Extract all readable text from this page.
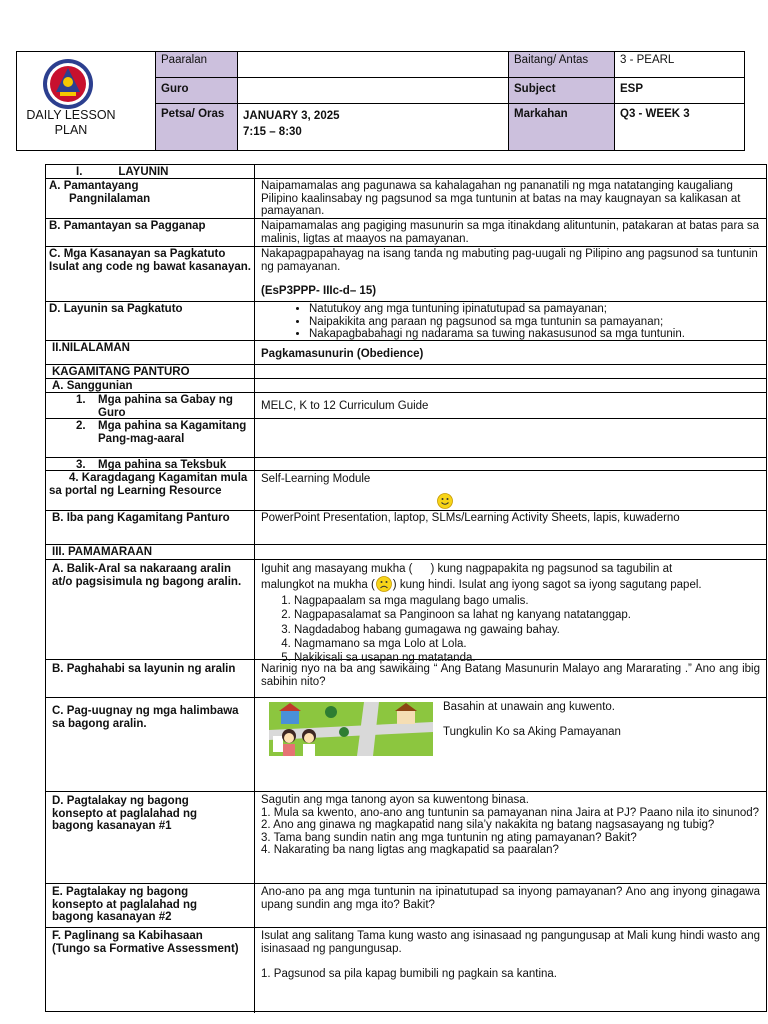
DAILY LESSON PLAN
Paaralan	Baitang/ Antas	3 - PEARL
Guro	Subject	ESP
Petsa/ Oras	JANUARY 3, 2025
7:15 – 8:30
Markahan	Q3 - WEEK 3
I.	LAYUNIN
A. Pamantayang
Pangnilalaman

Naipamamalas ang pagunawa sa kahalagahan ng pananatili ng mga natatanging kaugaliang Pilipino kaalinsabay ng pagsunod sa mga tuntunin at batas na may kaugnayan sa kalikasan at pamayanan.

B. Pamantayan sa Pagganap	Naipamamalas ang pagiging masunurin sa mga itinakdang alituntunin, patakaran at batas para sa malinis, ligtas at maayos na pamayanan.

C. Mga Kasanayan sa Pagkatuto Isulat ang code ng bawat kasanayan.

Nakapagpapahayag na isang tanda ng mabuting pag-uugali ng Pilipino ang pagsunod sa tuntunin ng pamayanan.

(EsP3PPP- IIIc-d– 15)

D. Layunin sa Pagkatuto
•	Natutukoy ang mga tuntuning ipinatutupad sa pamayanan;
• Naipakikita ang paraan ng pagsunod sa mga tuntunin sa pamayanan;
• Nakapagbabahagi ng nadarama sa tuwing nakasusunod sa mga tuntunin.
II.NILALAMAN	Pagkamasunurin (Obedience)

KAGAMITANG PANTURO
A. Sanggunian
1.	Mga pahina sa Gabay ng Guro

MELC, K to 12 Curriculum Guide

2.	Mga pahina sa Kagamitang Pang-mag-aaral
3.	Mga pahina sa Teksbuk
4. Karagdagang Kagamitan mula sa portal ng Learning Resource

Self-Learning Module

B. Iba pang Kagamitang Panturo	PowerPoint Presentation, laptop, SLMs/Learning Activity Sheets, lapis, kuwaderno

III. PAMAMARAAN
A. Balik-Aral sa nakaraang aralin at/o pagsisimula ng bagong aralin.

Iguhit ang masayang mukha ( ) kung nagpapakita ng pagsunod sa tagubilin at

malungkot na mukha ( ) kung hindi. Isulat ang iyong sagot sa iyong sagutang papel.

1. Nagpapaalam sa mga magulang bago umalis.
2. Nagpapasalamat sa Panginoon sa lahat ng kanyang natatanggap.
3. Nagdadabog habang gumagawa ng gawaing bahay.
4. Nagmamano sa mga Lolo at Lola.
5. Nakikisali sa usapan ng matatanda.
B. Paghahabi sa layunin ng aralin	Narinig nyo na ba ang sawikaing “ Ang Batang Masunurin Malayo ang Mararating .” Ano ang ibig sabihin nito?

C. Pag-uugnay ng mga halimbawa sa bagong aralin.

Basahin at unawain ang kuwento.

Tungkulin Ko sa Aking Pamayanan

D. Pagtalakay ng bagong konsepto at paglalahad ng bagong kasanayan #1

Sagutin ang mga tanong ayon sa kuwentong binasa.

1. Mula sa kwento, ano-ano ang tuntunin sa pamayanan nina Jaira at PJ? Paano nila ito sinunod?

2. Ano ang ginawa ng magkapatid nang sila’y nakakita ng batang nagsasayang ng tubig?

3. Tama bang sundin natin ang mga tuntunin ng ating pamayanan? Bakit?

4. Nakarating ba nang ligtas ang magkapatid sa paaralan?

E. Pagtalakay ng bagong konsepto at paglalahad ng bagong kasanayan #2

Ano-ano pa ang mga tuntunin na ipinatutupad sa inyong pamayanan? Ano ang inyong ginagawa upang sundin ang mga ito? Bakit?

F. Paglinang sa Kabihasaan (Tungo sa Formative Assessment)

Isulat ang salitang Tama kung wasto ang isinasaad ng pangungusap at Mali kung hindi wasto ang isinasaad ng pangungusap.

1. Pagsunod sa pila kapag bumibili ng pagkain sa kantina.
